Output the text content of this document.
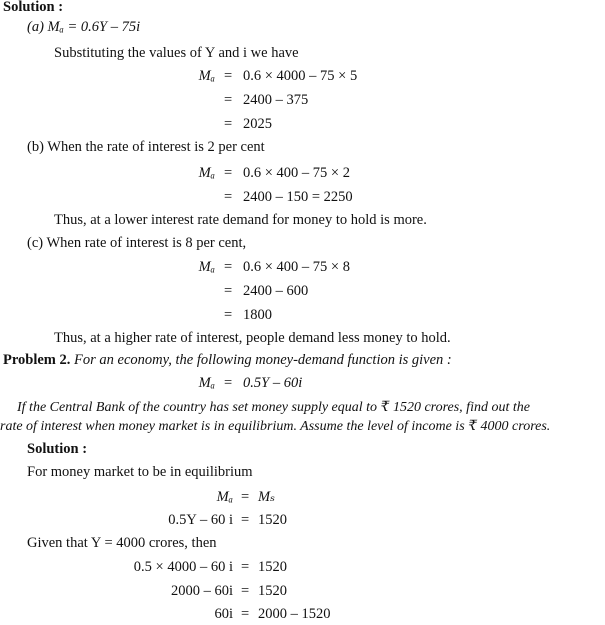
Solution :
(a) Mₐ = 0.6Y – 75i
Substituting the values of Y and i we have
Mₐ = 0.6 × 4000 – 75 × 5
= 2400 – 375
= 2025
(b) When the rate of interest is 2 per cent
Mₐ = 0.6 × 400 – 75 × 2
= 2400 – 150 = 2250
Thus, at a lower interest rate demand for money to hold is more.
(c) When rate of interest is 8 per cent,
Mₐ = 0.6 × 400 – 75 × 8
= 2400 – 600
= 1800
Thus, at a higher rate of interest, people demand less money to hold.
Problem 2. For an economy, the following money-demand function is given :
Mₐ = 0.5Y – 60i
If the Central Bank of the country has set money supply equal to ₹ 1520 crores, find out the
rate of interest when money market is in equilibrium. Assume the level of income is ₹ 4000 crores.
Solution :
For money market to be in equilibrium
Mₐ = Mₛ
0.5Y – 60 i = 1520
Given that Y = 4000 crores, then
0.5 × 4000 – 60 i = 1520
2000 – 60i = 1520
60i = 2000 – 1520
